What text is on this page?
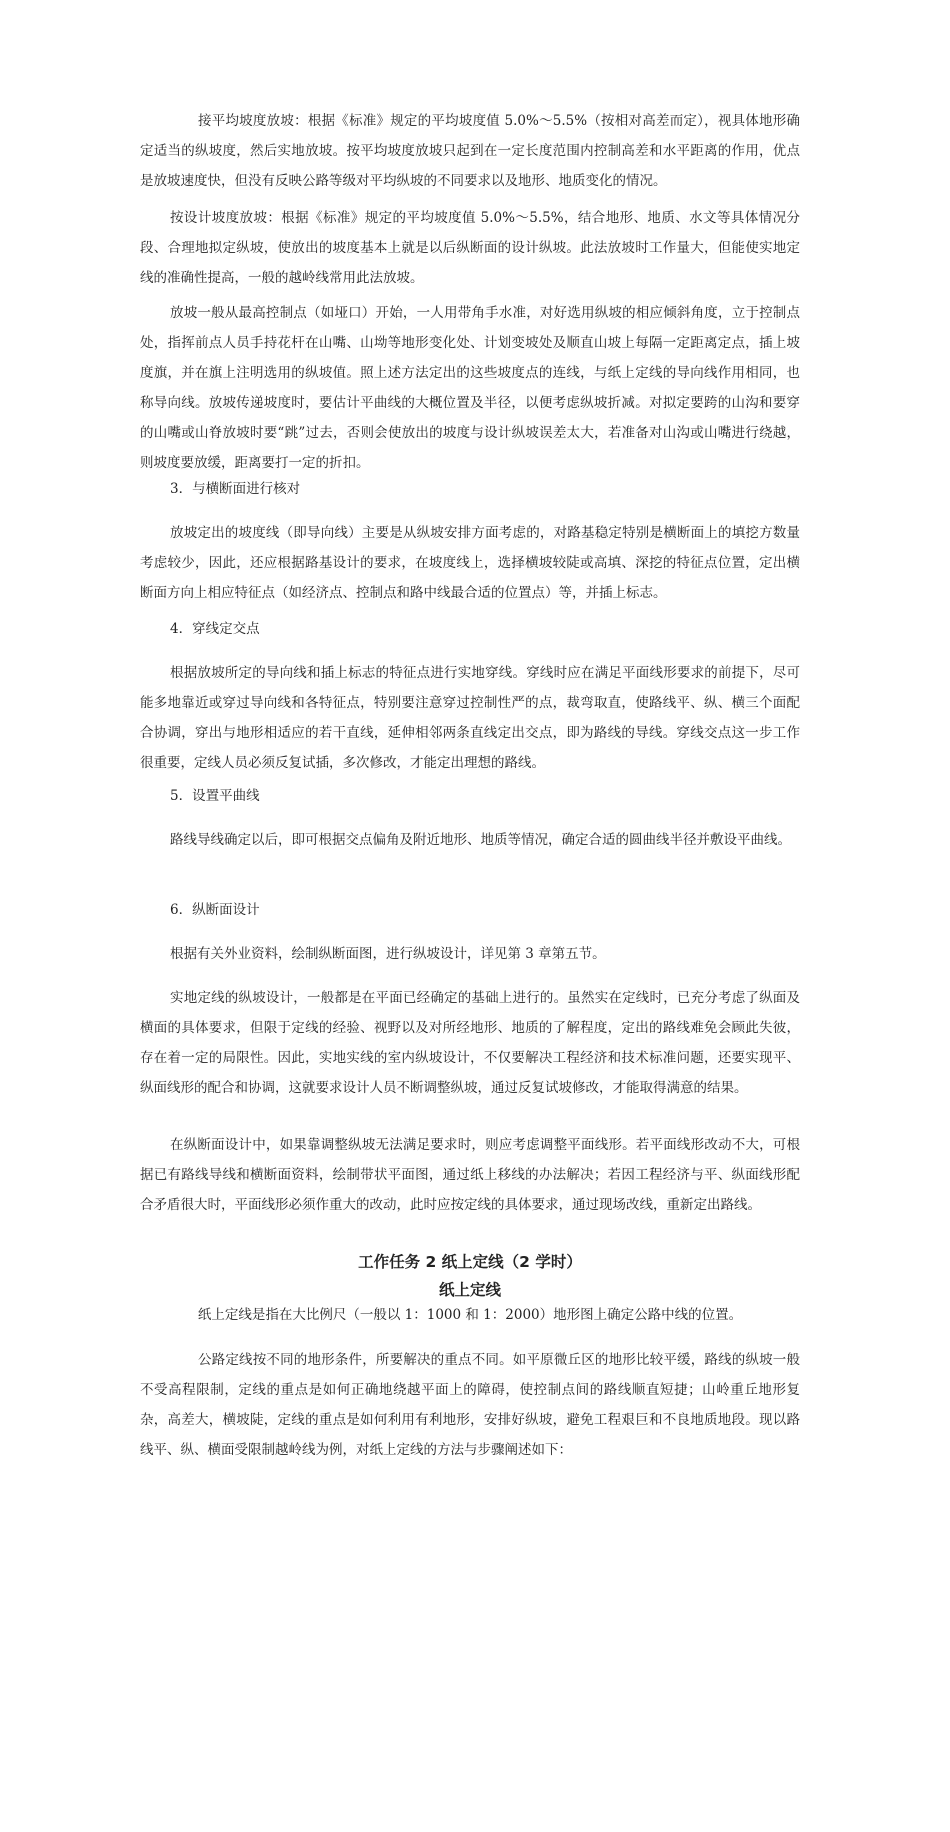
接平均坡度放坡：根据《标准》规定的平均坡度值 5.0%～5.5%（按相对高差而定），视具体地形确定适当的纵坡度，然后实地放坡。按平均坡度放坡只起到在一定长度范围内控制高差和水平距离的作用，优点是放坡速度快，但没有反映公路等级对平均纵坡的不同要求以及地形、地质变化的情况。

按设计坡度放坡：根据《标准》规定的平均坡度值 5.0%～5.5%，结合地形、地质、水文等具体情况分段、合理地拟定纵坡，使放出的坡度基本上就是以后纵断面的设计纵坡。此法放坡时工作量大，但能使实地定线的准确性提高，一般的越岭线常用此法放坡。

放坡一般从最高控制点（如垭口）开始，一人用带角手水准，对好选用纵坡的相应倾斜角度，立于控制点处，指挥前点人员手持花杆在山嘴、山坳等地形变化处、计划变坡处及顺直山坡上每隔一定距离定点，插上坡度旗，并在旗上注明选用的纵坡值。照上述方法定出的这些坡度点的连线，与纸上定线的导向线作用相同，也称导向线。放坡传递坡度时，要估计平曲线的大概位置及半径，以便考虑纵坡折减。对拟定要跨的山沟和要穿的山嘴或山脊放坡时要“跳”过去，否则会使放出的坡度与设计纵坡误差太大，若准备对山沟或山嘴进行绕越，则坡度要放缓，距离要打一定的折扣。

3．与横断面进行核对

放坡定出的坡度线（即导向线）主要是从纵坡安排方面考虑的，对路基稳定特别是横断面上的填挖方数量考虑较少，因此，还应根据路基设计的要求，在坡度线上，选择横坡较陡或高填、深挖的特征点位置，定出横断面方向上相应特征点（如经济点、控制点和路中线最合适的位置点）等，并插上标志。

4．穿线定交点

根据放坡所定的导向线和插上标志的特征点进行实地穿线。穿线时应在满足平面线形要求的前提下，尽可能多地靠近或穿过导向线和各特征点，特别要注意穿过控制性严的点，裁弯取直，使路线平、纵、横三个面配合协调，穿出与地形相适应的若干直线，延伸相邻两条直线定出交点，即为路线的导线。穿线交点这一步工作很重要，定线人员必须反复试插，多次修改，才能定出理想的路线。

5．设置平曲线

路线导线确定以后，即可根据交点偏角及附近地形、地质等情况，确定合适的圆曲线半径并敷设平曲线。

6．纵断面设计

根据有关外业资料，绘制纵断面图，进行纵坡设计，详见第 3 章第五节。

实地定线的纵坡设计，一般都是在平面已经确定的基础上进行的。虽然实在定线时，已充分考虑了纵面及横面的具体要求，但限于定线的经验、视野以及对所经地形、地质的了解程度，定出的路线难免会顾此失彼，存在着一定的局限性。因此，实地实线的室内纵坡设计，不仅要解决工程经济和技术标准问题，还要实现平、纵面线形的配合和协调，这就要求设计人员不断调整纵坡，通过反复试坡修改，才能取得满意的结果。

在纵断面设计中，如果靠调整纵坡无法满足要求时，则应考虑调整平面线形。若平面线形改动不大，可根据已有路线导线和横断面资料，绘制带状平面图，通过纸上移线的办法解决；若因工程经济与平、纵面线形配合矛盾很大时，平面线形必须作重大的改动，此时应按定线的具体要求，通过现场改线，重新定出路线。

工作任务 2 纸上定线（2 学时）
纸上定线

纸上定线是指在大比例尺（一般以 1：1000 和 1：2000）地形图上确定公路中线的位置。

公路定线按不同的地形条件，所要解决的重点不同。如平原微丘区的地形比较平缓，路线的纵坡一般不受高程限制，定线的重点是如何正确地绕越平面上的障碍，使控制点间的路线顺直短捷；山岭重丘地形复杂，高差大，横坡陡，定线的重点是如何利用有利地形，安排好纵坡，避免工程艰巨和不良地质地段。现以路线平、纵、横面受限制越岭线为例，对纸上定线的方法与步骤阐述如下：
